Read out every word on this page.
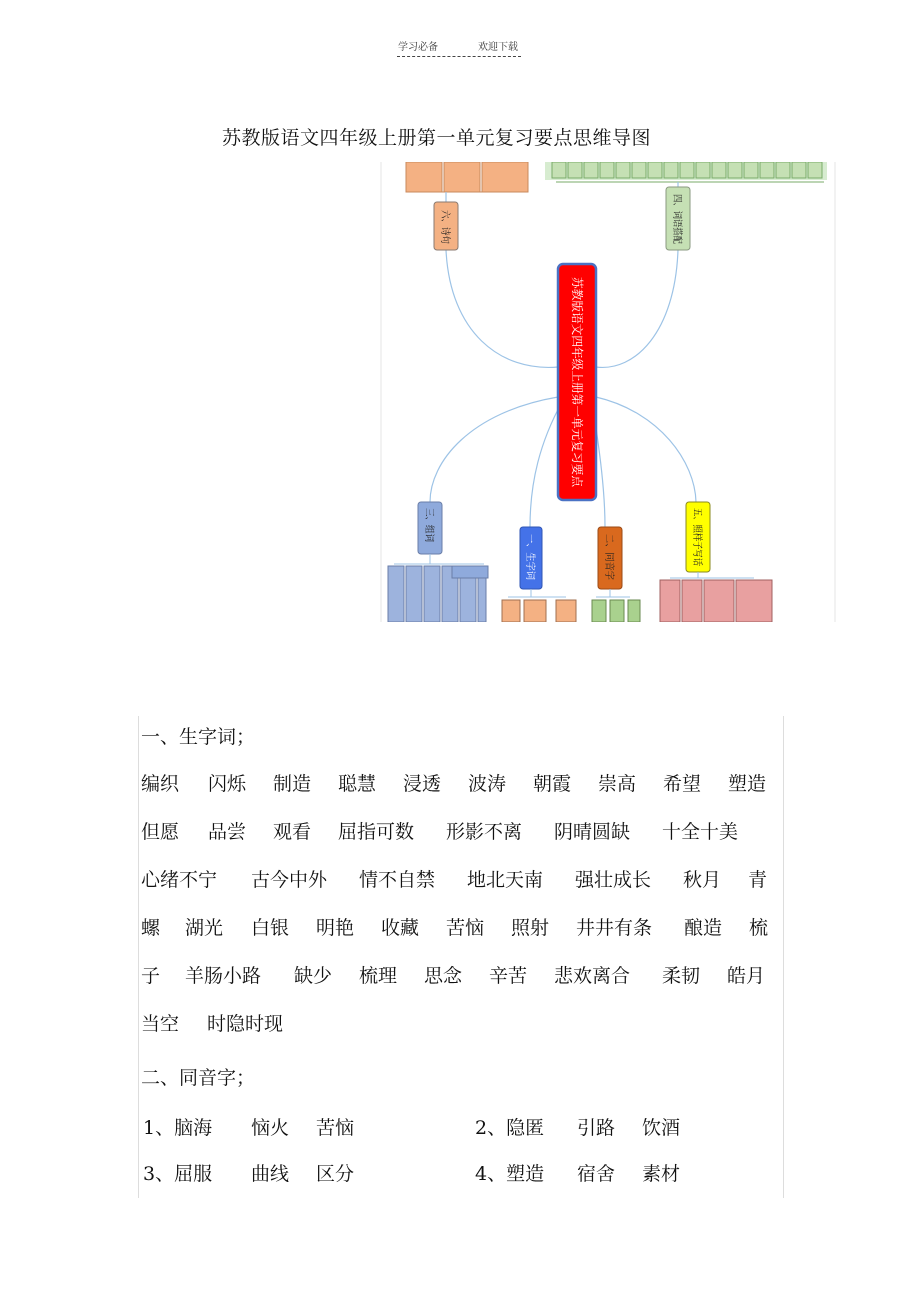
学习必备	欢迎下载
苏教版语文四年级上册第一单元复习要点思维导图
苏教版语文四年级上册第一单元复习要点
六、诗句	四、词语搭配
三、组词
一、生字词	二、同音字	五、照样子写话
一、生字词；
编织 闪烁 制造 聪慧 浸透 波涛 朝霞 崇高 希望 塑造
但愿 品尝 观看 屈指可数 形影不离 阴晴圆缺 十全十美
心绪不宁 古今中外 情不自禁 地北天南 强壮成长 秋月 青
螺 湖光 白银 明艳 收藏 苦恼 照射 井井有条 酿造 梳
子 羊肠小路 缺少 梳理 思念 辛苦 悲欢离合 柔韧 皓月
当空 时隐时现
二、同音字；
1、脑海 恼火 苦恼	2、隐匿 引路 饮酒
3、屈服 曲线 区分	4、塑造 宿舍 素材
